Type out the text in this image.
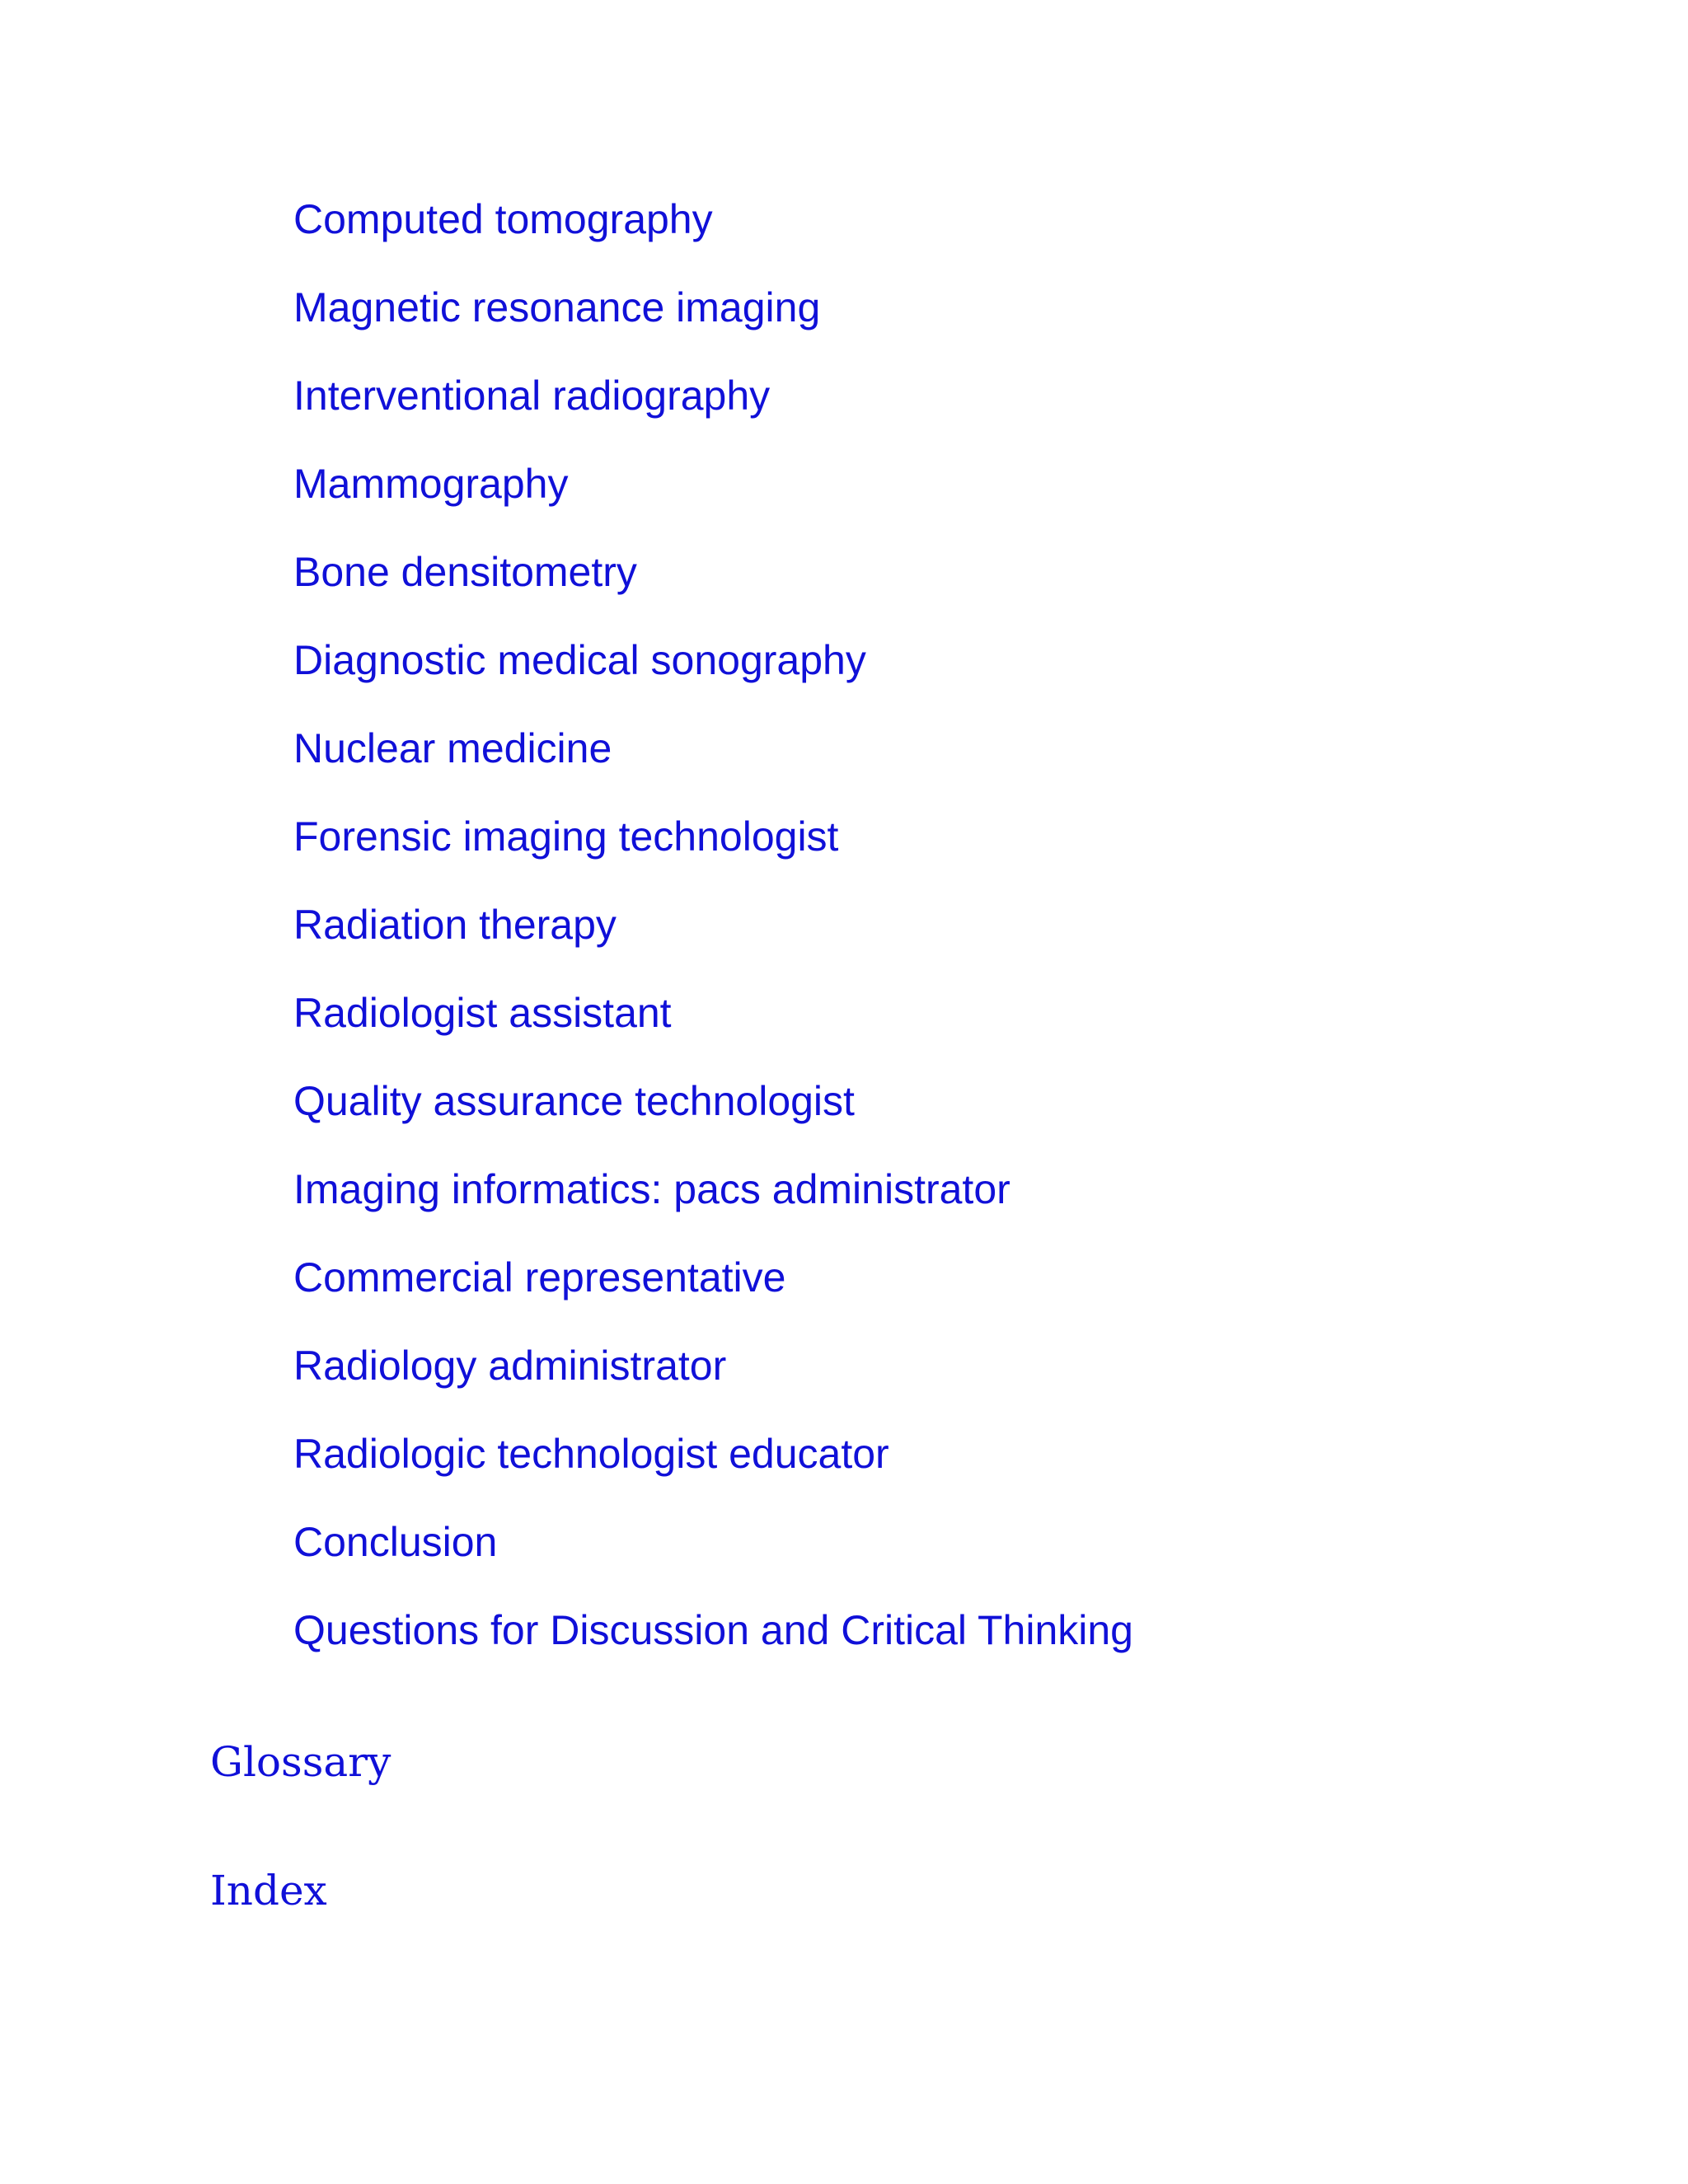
Computed tomography
Magnetic resonance imaging
Interventional radiography
Mammography
Bone densitometry
Diagnostic medical sonography
Nuclear medicine
Forensic imaging technologist
Radiation therapy
Radiologist assistant
Quality assurance technologist
Imaging informatics: pacs administrator
Commercial representative
Radiology administrator
Radiologic technologist educator
Conclusion
Questions for Discussion and Critical Thinking
Glossary
Index
